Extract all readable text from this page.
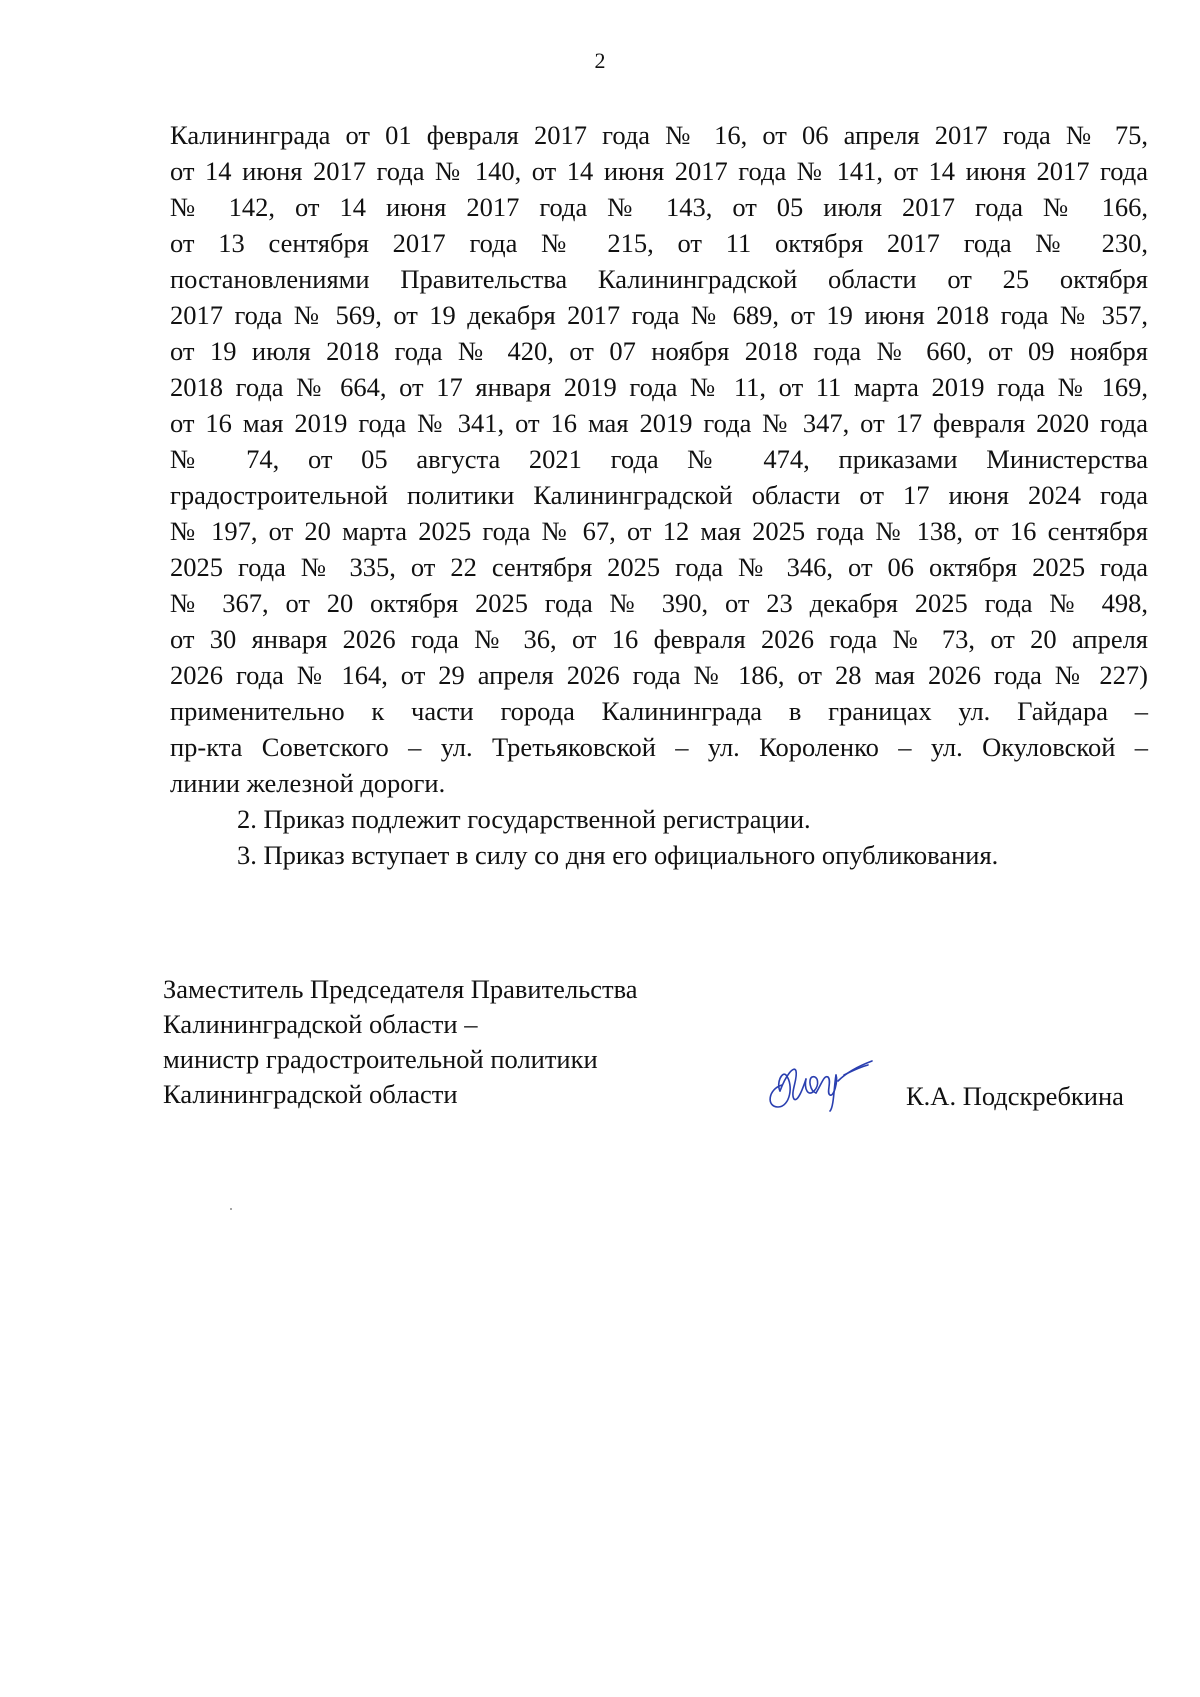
2
Калининграда от 01 февраля 2017 года № 16, от 06 апреля 2017 года № 75,
от 14 июня 2017 года № 140, от 14 июня 2017 года № 141, от 14 июня 2017 года
№ 142, от 14 июня 2017 года № 143, от 05 июля 2017 года № 166,
от 13 сентября 2017 года № 215, от 11 октября 2017 года № 230,
постановлениями Правительства Калининградской области от 25 октября
2017 года № 569, от 19 декабря 2017 года № 689, от 19 июня 2018 года № 357,
от 19 июля 2018 года № 420, от 07 ноября 2018 года № 660, от 09 ноября
2018 года № 664, от 17 января 2019 года № 11, от 11 марта 2019 года № 169,
от 16 мая 2019 года № 341, от 16 мая 2019 года № 347, от 17 февраля 2020 года
№ 74, от 05 августа 2021 года № 474, приказами Министерства
градостроительной политики Калининградской области от 17 июня 2024 года
№ 197, от 20 марта 2025 года № 67, от 12 мая 2025 года № 138, от 16 сентября
2025 года № 335, от 22 сентября 2025 года № 346, от 06 октября 2025 года
№ 367, от 20 октября 2025 года № 390, от 23 декабря 2025 года № 498,
от 30 января 2026 года № 36, от 16 февраля 2026 года № 73, от 20 апреля
2026 года № 164, от 29 апреля 2026 года № 186, от 28 мая 2026 года № 227)
применительно к части города Калининграда в границах ул. Гайдара –
пр-кта Советского – ул. Третьяковской – ул. Короленко – ул. Окуловской –
линии железной дороги.
2. Приказ подлежит государственной регистрации.
3. Приказ вступает в силу со дня его официального опубликования.
Заместитель Председателя Правительства
Калининградской области –
министр градостроительной политики
Калининградской области	К.А. Подскребкина
